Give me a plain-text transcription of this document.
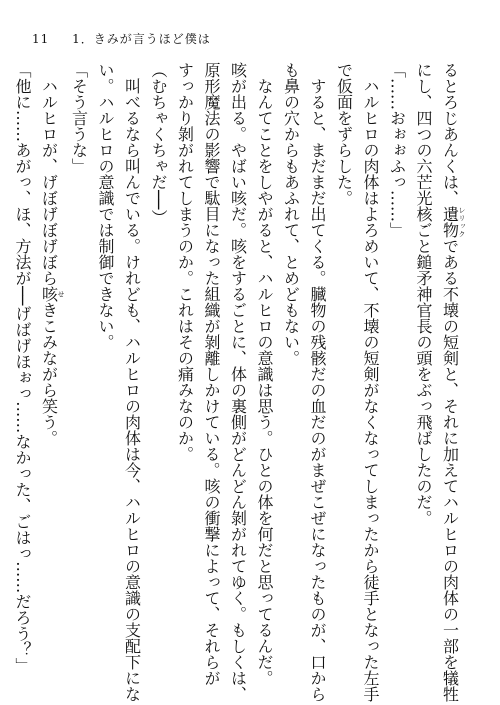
11 1．きみが言うほど僕は
るとろじあんくは、遺物レリックである不壊の短剣と、それに加えてハルヒロの肉体の一部を犠牲
にし、四つの六芒光核ごと鎚矛神官長の頭をぶっ飛ばしたのだ。
「……おぉぉふっ……」
　ハルヒロの肉体はよろめいて、不壊の短剣がなくなってしまったから徒手となった左手
で仮面をずらした。
　すると、まだまだ出てくる。臓物の残骸だの血だのがまぜこぜになったものが、口から
も鼻の穴からもあふれて、とめどもない。
　なんてことをしやがると、ハルヒロの意識は思う。ひとの体を何だと思ってるんだ。
咳が出る。やばい咳だ。咳をするごとに、体の裏側がどんどん剝がれてゆく。もしくは、
原形魔法の影響で駄目になった組織が剝離しかけている。咳の衝撃によって、それらが
すっかり剝がれてしまうのか。これはその痛みなのか。
（むちゃくちゃだ──）
　叫べるなら叫んでいる。けれども、ハルヒロの肉体は今、ハルヒロの意識の支配下にな
い。ハルヒロの意識では制御できない。
「そう言うな」
　ハルヒロが、げぼげぼげぼら咳せきこみながら笑う。
「他に……あがっ、ほ、方法が──げばげほぉっ……なかった、ごはっ……だろう？」
